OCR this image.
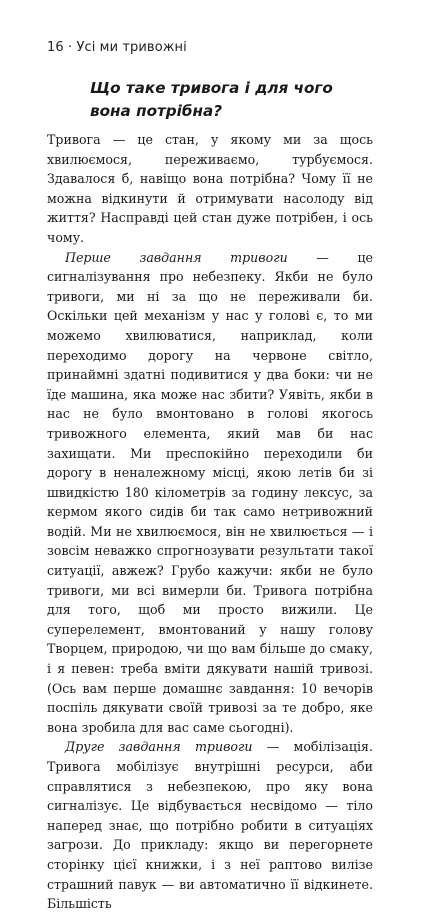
16 · Усі ми тривожні
Що таке тривога і для чого вона потрібна?

Тривога — це стан, у якому ми за щось хвилюємося, переживаємо, турбуємося. Здавалося б, навіщо вона потрібна? Чому її не можна відкинути й отримувати насолоду від життя? Насправді цей стан дуже потрібен, і ось чому.

Перше завдання тривоги — це сигналізування про небезпеку. Якби не було тривоги, ми ні за що не переживали би. Оскільки цей механізм у нас у голові є, то ми можемо хвилюватися, наприклад, коли переходимо дорогу на червоне світло, принаймні здатні подивитися у два боки: чи не їде машина, яка може нас збити? Уявіть, якби в нас не було вмонтовано в голові якогось тривожного елемента, який мав би нас захищати. Ми преспокійно переходили би дорогу в неналежному місці, якою летів би зі швидкістю 180 кілометрів за годину лексус, за кермом якого сидів би так само нетривожний водій. Ми не хвилюємося, він не хвилюється — і зовсім неважко спрогнозувати результати такої ситуації, авжеж? Грубо кажучи: якби не було тривоги, ми всі вимерли би. Тривога потрібна для того, щоб ми просто вижили. Це суперелемент, вмонтований у нашу голову Творцем, природою, чи що вам більше до смаку, і я певен: треба вміти дякувати нашій тривозі. (Ось вам перше домашнє завдання: 10 вечорів поспіль дякувати своїй тривозі за те добро, яке вона зробила для вас саме сьогодні).

Друге завдання тривоги — мобілізація. Тривога мобілізує внутрішні ресурси, аби справлятися з небезпекою, про яку вона сигналізує. Це відбувається несвідомо — тіло наперед знає, що потрібно робити в ситуаціях загрози. До прикладу: якщо ви перегорнете сторінку цієї книжки, і з неї раптово вилізе страшний павук — ви автоматично її відкинете. Більшість
